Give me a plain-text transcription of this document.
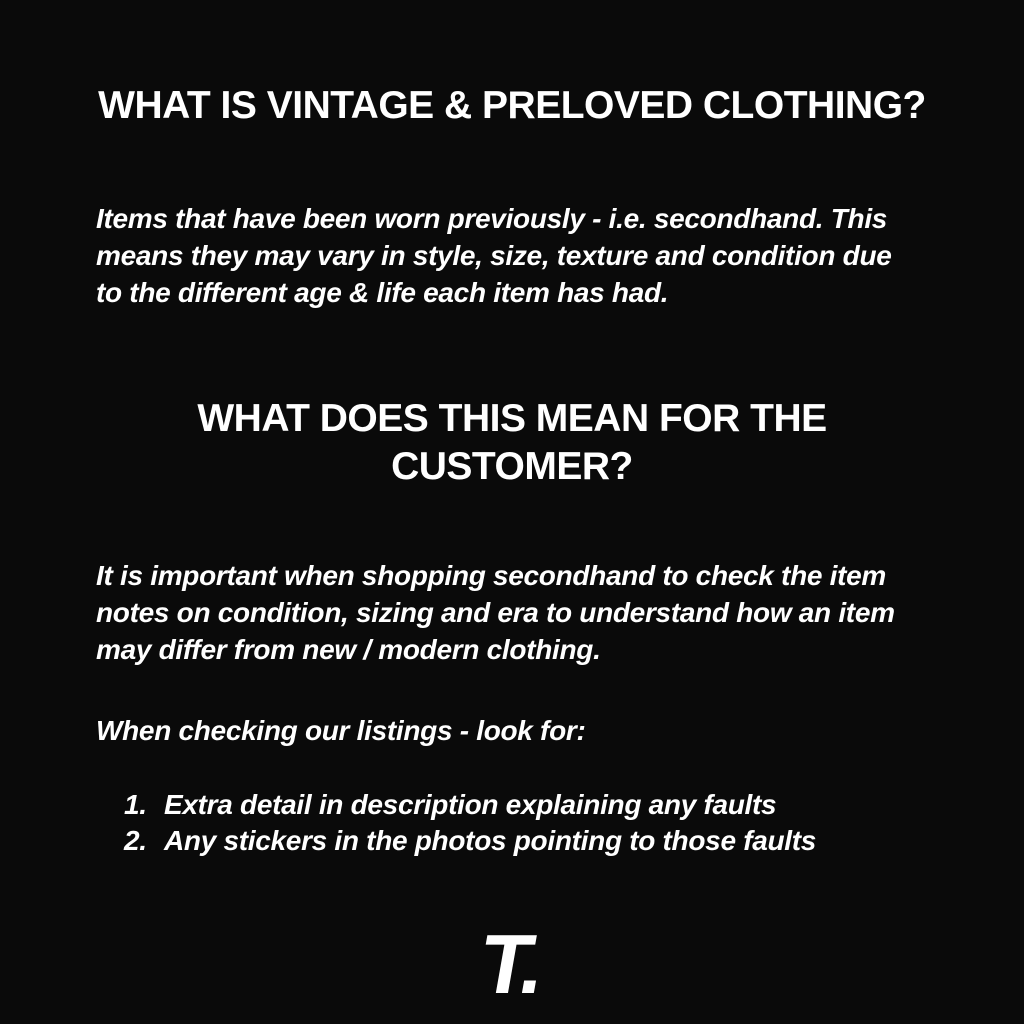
WHAT IS VINTAGE & PRELOVED CLOTHING?
Items that have been worn previously - i.e. secondhand. This
means they may vary in style, size, texture and condition due
to the different age & life each item has had.
WHAT DOES THIS MEAN FOR THE
CUSTOMER?
It is important when shopping secondhand to check the item
notes on condition, sizing and era to understand how an item
may differ from new / modern clothing.
When checking our listings - look for:
1. Extra detail in description explaining any faults
2. Any stickers in the photos pointing to those faults
T.
